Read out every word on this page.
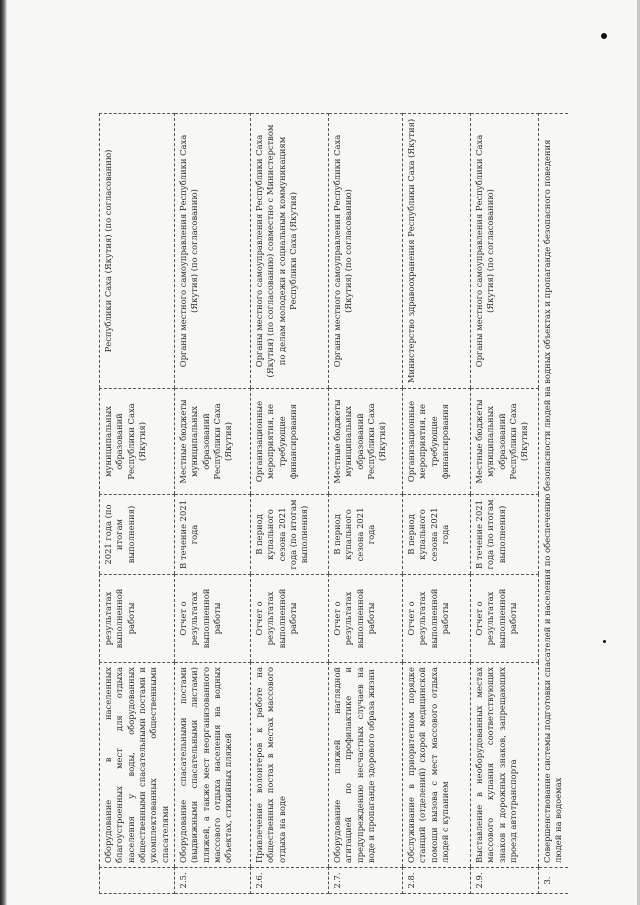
	Оборудование в населенных благоустроенных мест для отдыха населения у воды, оборудованных общественными спасательными постами и укомплектованных общественными спасателями	результатах выполненной работы	2021 года (по итогам выполнения)	муниципальных образований Республики Саха (Якутия)	Республики Саха (Якутия) (по согласованию)
2.5.	Оборудование спасательными постами (выдвижными спасательными листами) пляжей, а также мест неорганизованного массового отдыха населения на водных объектах, стихийных пляжей	Отчет о результатах выполненной работы	В течение 2021 года	Местные бюджеты муниципальных образований Республики Саха (Якутия)	Органы местного самоуправления Республики Саха (Якутия) (по согласованию)
2.6.	Привлечение волонтеров к работе на общественных постах в местах массового отдыха на воде	Отчет о результатах выполненной работы	В период купального сезона 2021 года (по итогам выполнения)	Организационные мероприятия, не требующие финансирования	Органы местного самоуправления Республики Саха (Якутия) (по согласованию) совместно с Министерством по делам молодежи и социальным коммуникациям Республики Саха (Якутия)
2.7.	Оборудование пляжей наглядной агитацией по профилактике и предупреждению несчастных случаев на воде и пропаганде здорового образа жизни	Отчет о результатах выполненной работы	В период купального сезона 2021 года	Местные бюджеты муниципальных образований Республики Саха (Якутия)	Органы местного самоуправления Республики Саха (Якутия) (по согласованию)
2.8.	Обслуживание в приоритетном порядке станций (отделений) скорой медицинской помощи вызова с мест массового отдыха людей с купанием	Отчет о результатах выполненной работы	В период купального сезона 2021 года	Организационные мероприятия, не требующие финансирования	Министерство здравоохранения Республики Саха (Якутия)
2.9.	Выставление в необорудованных местах массового купания соответствующих знаков и дорожных знаков, запрещающих проезд автотранспорта	Отчет о результатах выполненной работы	В течение 2021 года (по итогам выполнения)	Местные бюджеты муниципальных образований Республики Саха (Якутия)	Органы местного самоуправления Республики Саха (Якутия) (по согласованию)
3.	Совершенствование системы подготовки спасателей и населения по обеспечению безопасности людей на водных объектах и пропаганде безопасного поведения людей на водоемах				
